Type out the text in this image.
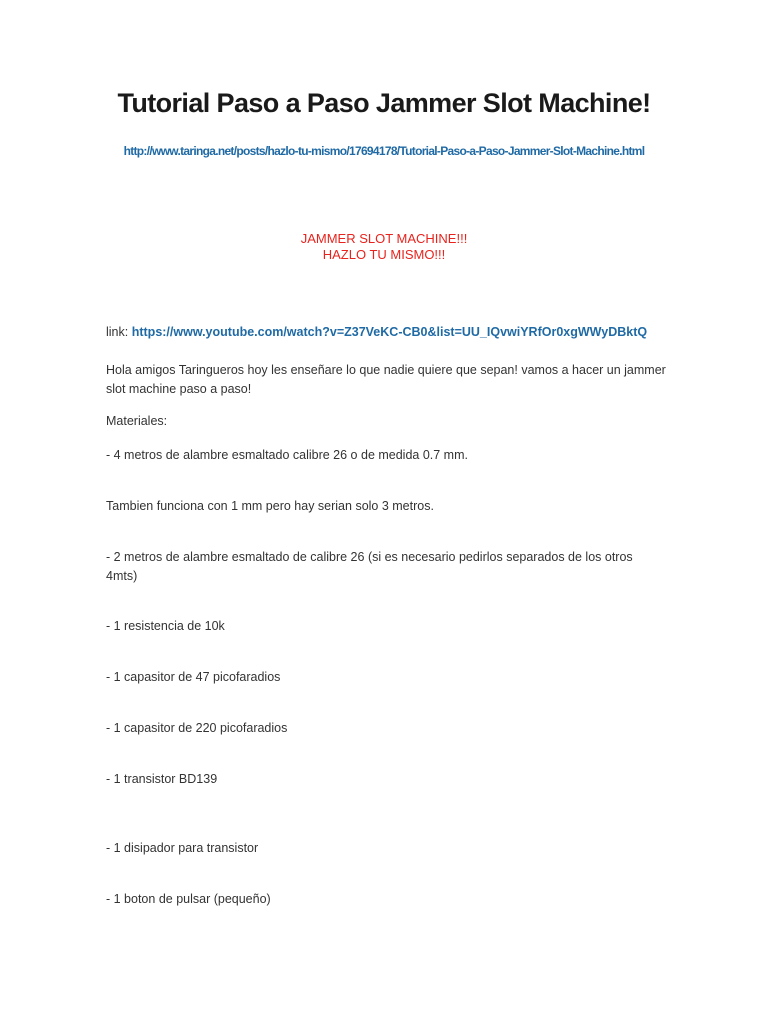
Tutorial Paso a Paso Jammer Slot Machine!
http://www.taringa.net/posts/hazlo-tu-mismo/17694178/Tutorial-Paso-a-Paso-Jammer-Slot-Machine.html
JAMMER SLOT MACHINE!!!
HAZLO TU MISMO!!!

link: https://www.youtube.com/watch?v=Z37VeKC-CB0&list=UU_IQvwiYRfOr0xgWWyDBktQ

Hola amigos Taringueros hoy les enseñare lo que nadie quiere que sepan! vamos a hacer un jammer slot machine paso a paso!

Materiales:

- 4 metros de alambre esmaltado calibre 26 o de medida 0.7 mm.

Tambien funciona con 1 mm pero hay serian solo 3 metros.

- 2 metros de alambre esmaltado de calibre 26 (si es necesario pedirlos separados de los otros 4mts)

- 1 resistencia de 10k

- 1 capasitor de 47 picofaradios

- 1 capasitor de 220 picofaradios

- 1 transistor BD139

- 1 disipador para transistor

- 1 boton de pulsar (pequeño)
